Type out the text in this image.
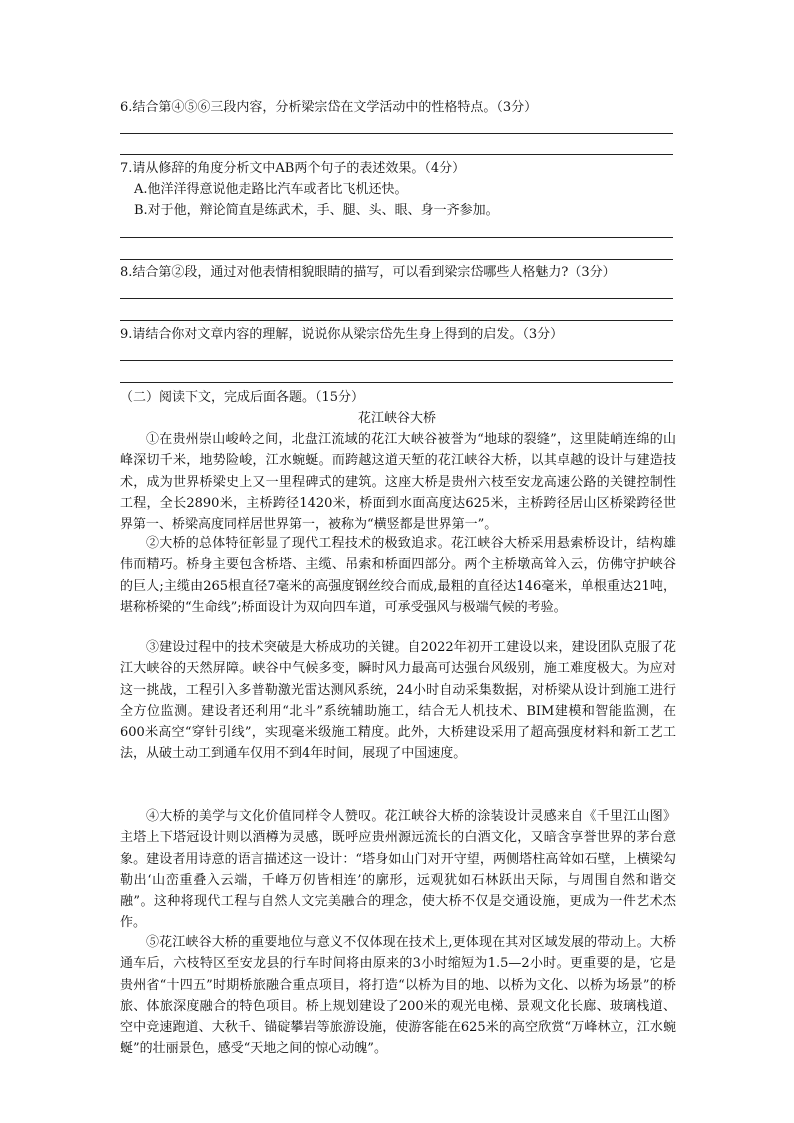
6.结合第④⑤⑥三段内容，分析梁宗岱在文学活动中的性格特点。（3分）
7.请从修辞的角度分析文中AB两个句子的表述效果。（4分）
A.他洋洋得意说他走路比汽车或者比飞机还快。
B.对于他，辩论简直是练武术，手、腿、头、眼、身一齐参加。
8.结合第②段，通过对他表情相貌眼睛的描写，可以看到梁宗岱哪些人格魅力?（3分）
9.请结合你对文章内容的理解，说说你从梁宗岱先生身上得到的启发。（3分）
（二）阅读下文，完成后面各题。（15分）
花江峡谷大桥

①在贵州崇山峻岭之间，北盘江流域的花江大峡谷被誉为“地球的裂缝”，这里陡峭连绵的山峰深切千米，地势险峻，江水蜿蜒。而跨越这道天堑的花江峡谷大桥，以其卓越的设计与建造技术，成为世界桥梁史上又一里程碑式的建筑。这座大桥是贵州六枝至安龙高速公路的关键控制性工程，全长2890米，主桥跨径1420米，桥面到水面高度达625米，主桥跨径居山区桥梁跨径世界第一、桥梁高度同样居世界第一，被称为“横竖都是世界第一”。

②大桥的总体特征彰显了现代工程技术的极致追求。花江峡谷大桥采用悬索桥设计，结构雄伟而精巧。桥身主要包含桥塔、主缆、吊索和桥面四部分。两个主桥墩高耸入云，仿佛守护峡谷的巨人;主缆由265根直径7毫米的高强度钢丝绞合而成,最粗的直径达146毫米，单根重达21吨，堪称桥梁的“生命线”;桥面设计为双向四车道，可承受强风与极端气候的考验。

③建设过程中的技术突破是大桥成功的关键。自2022年初开工建设以来，建设团队克服了花江大峡谷的天然屏障。峡谷中气候多变，瞬时风力最高可达强台风级别，施工难度极大。为应对这一挑战，工程引入多普勒激光雷达测风系统，24小时自动采集数据，对桥梁从设计到施工进行全方位监测。建设者还利用“北斗”系统辅助施工，结合无人机技术、BIM建模和智能监测，在600米高空“穿针引线”，实现毫米级施工精度。此外，大桥建设采用了超高强度材料和新工艺工法，从破土动工到通车仅用不到4年时间，展现了中国速度。

④大桥的美学与文化价值同样令人赞叹。花江峡谷大桥的涂装设计灵感来自《千里江山图》主塔上下塔冠设计则以酒樽为灵感，既呼应贵州源远流长的白酒文化，又暗含享誉世界的茅台意象。建设者用诗意的语言描述这一设计：“塔身如山门对开守望，两侧塔柱高耸如石壁，上横梁勾勒出‘山峦重叠入云端，千峰万仞皆相连’的廓形，远观犹如石林跃出天际，与周围自然和谐交融”。这种将现代工程与自然人文完美融合的理念，使大桥不仅是交通设施，更成为一件艺术杰作。

⑤花江峡谷大桥的重要地位与意义不仅体现在技术上,更体现在其对区域发展的带动上。大桥通车后，六枝特区至安龙县的行车时间将由原来的3小时缩短为1.5—2小时。更重要的是，它是贵州省“十四五”时期桥旅融合重点项目，将打造“以桥为目的地、以桥为文化、以桥为场景”的桥旅、体旅深度融合的特色项目。桥上规划建设了200米的观光电梯、景观文化长廊、玻璃栈道、空中竞速跑道、大秋千、锚碇攀岩等旅游设施，使游客能在625米的高空欣赏“万峰林立，江水蜿蜒”的壮丽景色，感受“天地之间的惊心动魄”。
